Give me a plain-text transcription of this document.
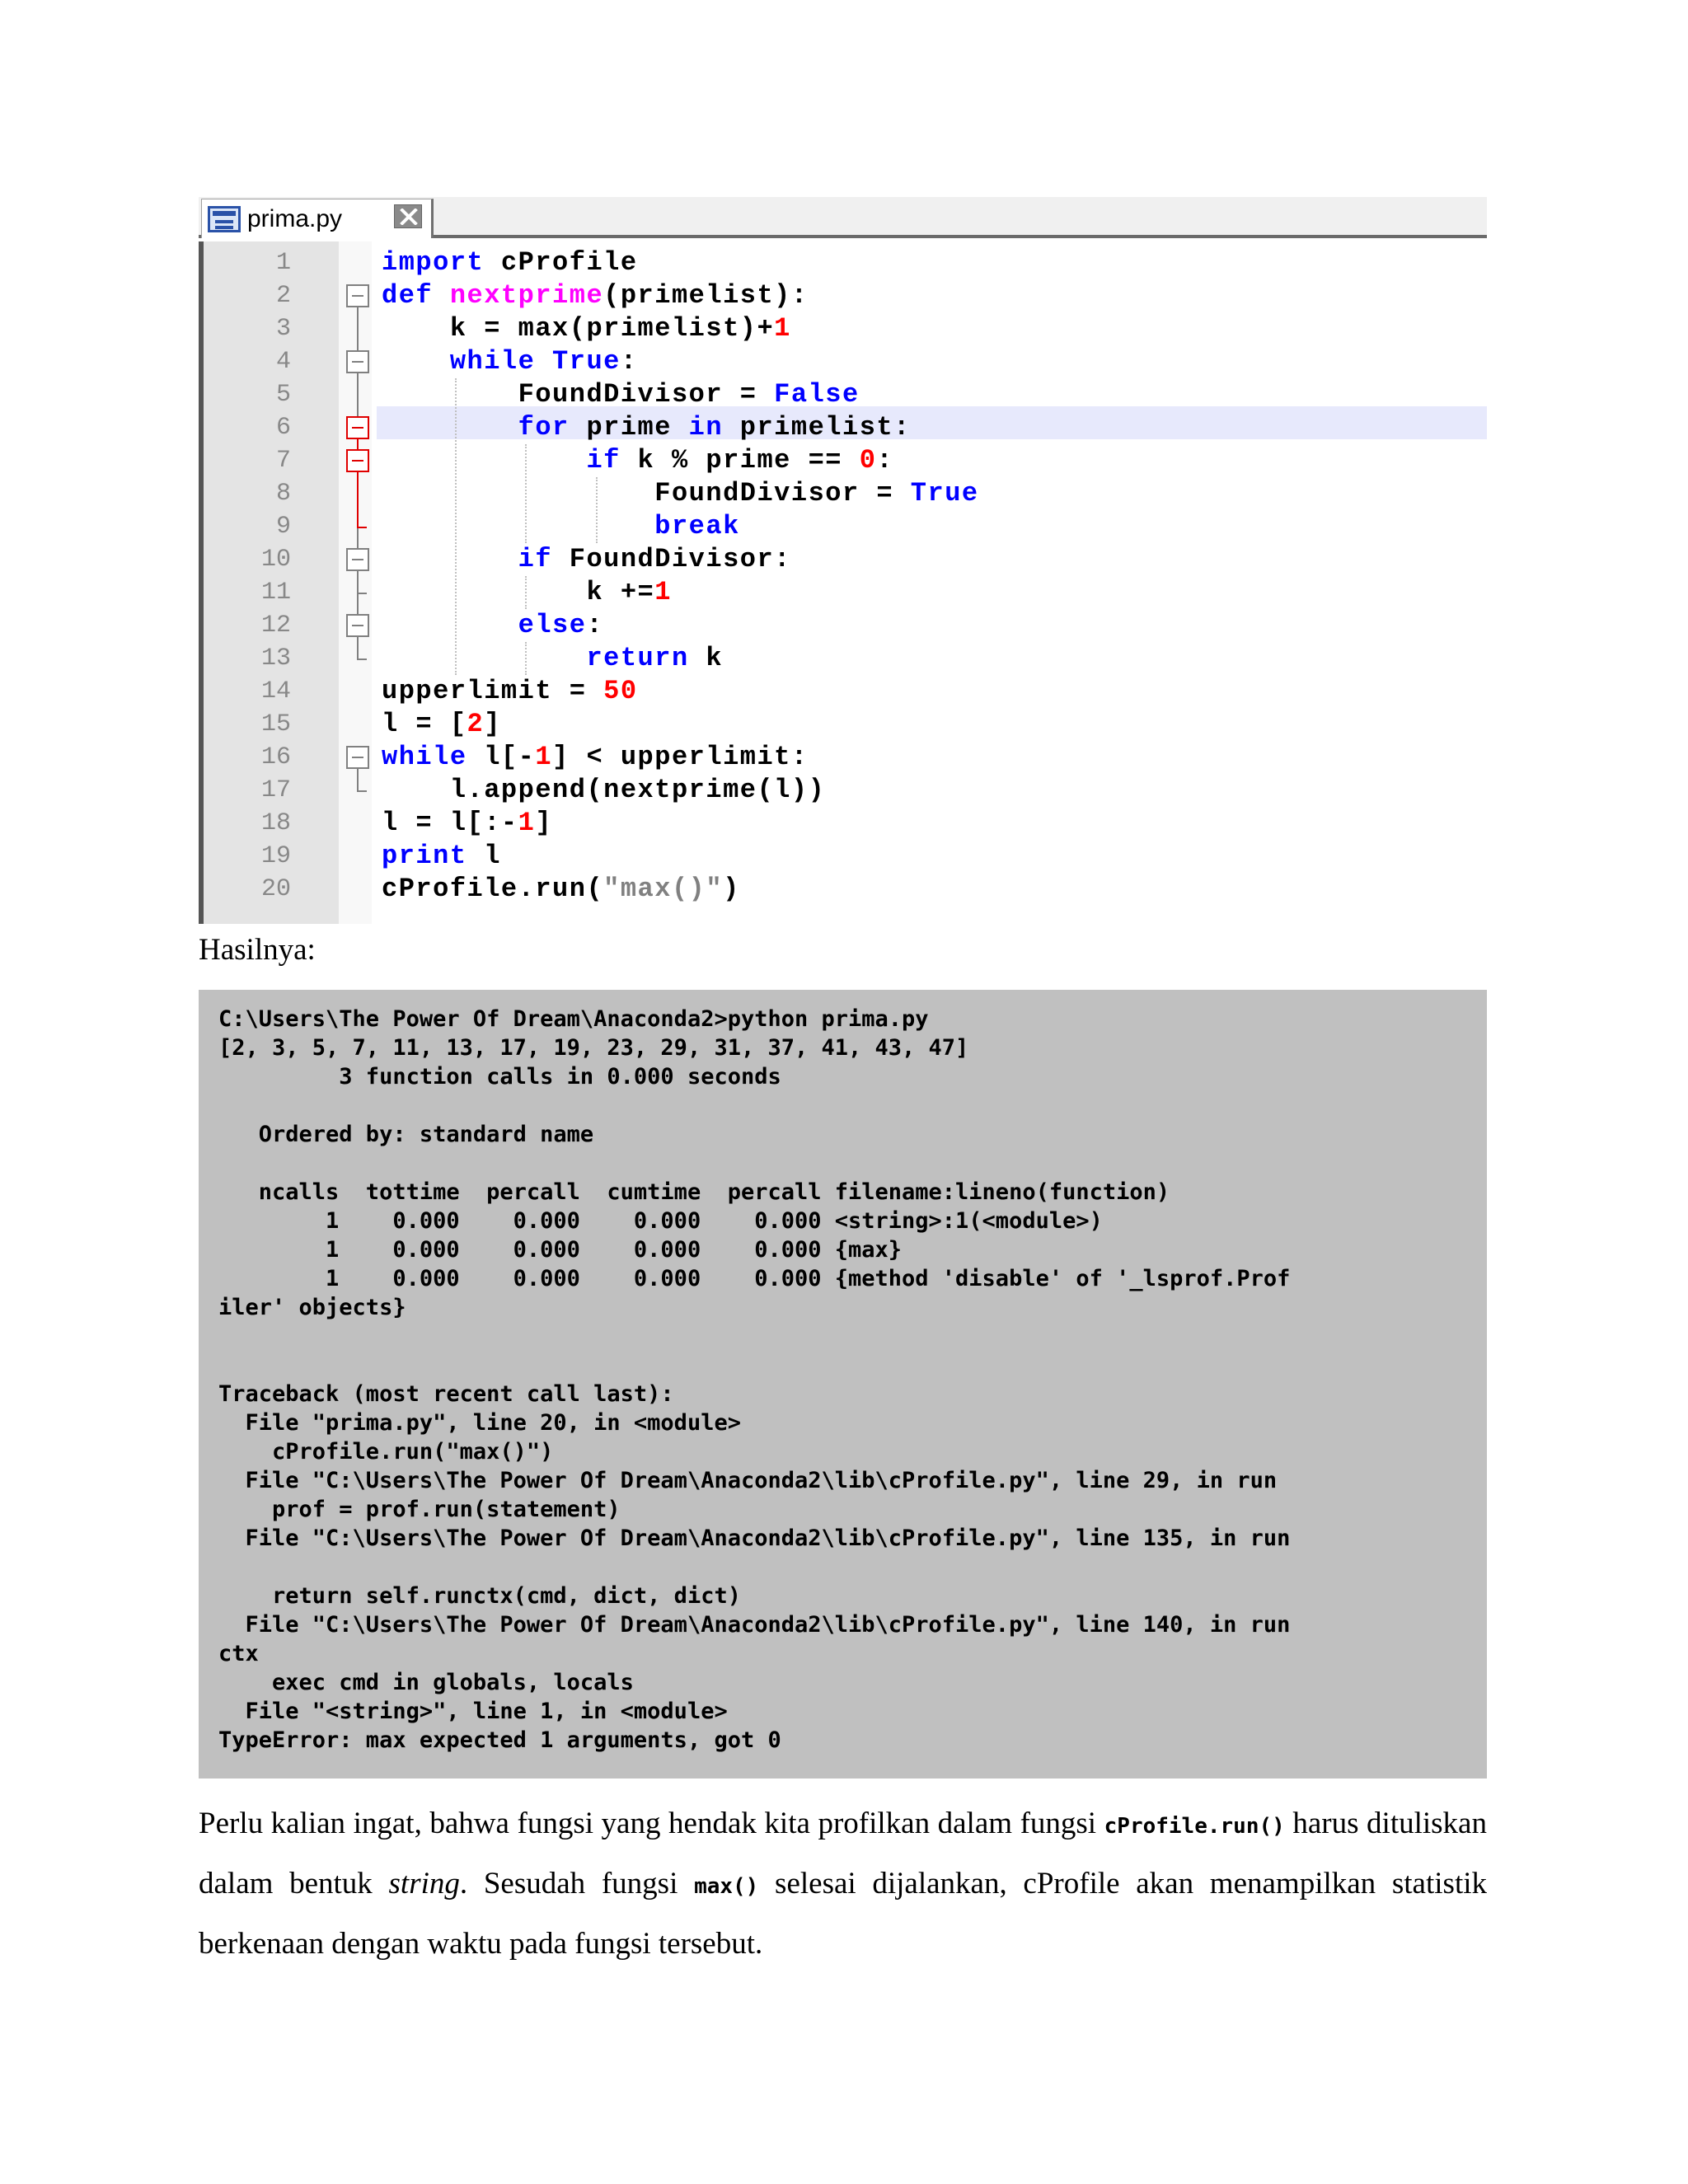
prima.py
1
2
3
4
5
6
7
8
9
10
11
12
13
14
15
16
17
18
19
20
import cProfile
def nextprime(primelist):
k = max(primelist)+1
while True:
FoundDivisor = False
for prime in primelist:
if k % prime == 0:
FoundDivisor = True
break
if FoundDivisor:
k +=1
else:
return k
upperlimit = 50
l = [2]
while l[-1] < upperlimit:
l.append(nextprime(l))
l = l[:-1]
print l
cProfile.run("max()")
Hasilnya:
C:\Users\The Power Of Dream\Anaconda2>python prima.py
[2, 3, 5, 7, 11, 13, 17, 19, 23, 29, 31, 37, 41, 43, 47]
3 function calls in 0.000 seconds

Ordered by: standard name

ncalls  tottime  percall  cumtime  percall filename:lineno(function)
1    0.000    0.000    0.000    0.000 <string>:1(<module>)
1    0.000    0.000    0.000    0.000 {max}
1    0.000    0.000    0.000    0.000 {method 'disable' of '_lsprof.Prof
iler' objects}

Traceback (most recent call last):
File "prima.py", line 20, in <module>
cProfile.run("max()")
File "C:\Users\The Power Of Dream\Anaconda2\lib\cProfile.py", line 29, in run
prof = prof.run(statement)
File "C:\Users\The Power Of Dream\Anaconda2\lib\cProfile.py", line 135, in run

return self.runctx(cmd, dict, dict)
File "C:\Users\The Power Of Dream\Anaconda2\lib\cProfile.py", line 140, in run
ctx
exec cmd in globals, locals
File "<string>", line 1, in <module>
TypeError: max expected 1 arguments, got 0
Perlu kalian ingat, bahwa fungsi yang hendak kita profilkan dalam fungsi cProfile.run() harus dituliskan dalam bentuk string. Sesudah fungsi max() selesai dijalankan, cProfile akan menampilkan statistik berkenaan dengan waktu pada fungsi tersebut.
